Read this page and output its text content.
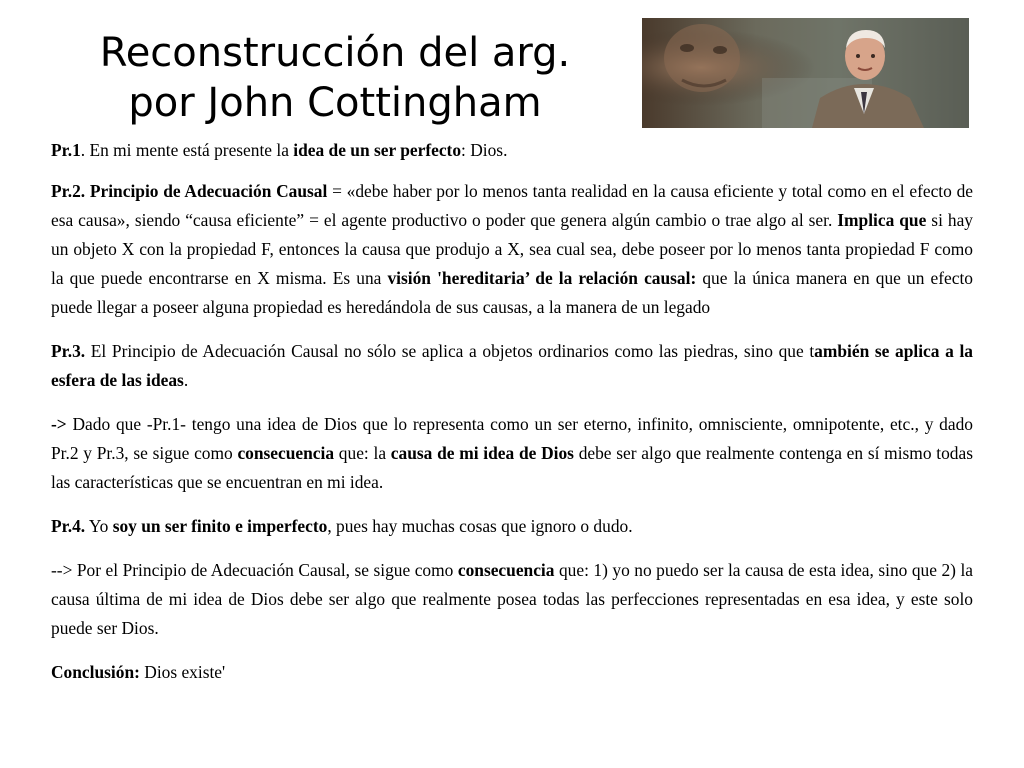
Reconstrucción del arg.
por John Cottingham

Pr.1. En mi mente está presente la idea de un ser perfecto: Dios.

Pr.2. Principio de Adecuación Causal = «debe haber por lo menos tanta realidad en la causa eficiente y total como en el efecto de esa causa», siendo “causa eficiente” = el agente productivo o poder que genera algún cambio o trae algo al ser. Implica que si hay un objeto X con la propiedad F, entonces la causa que produjo a X, sea cual sea, debe poseer por lo menos tanta propiedad F como la que puede encontrarse en X misma. Es una visión 'hereditaria’ de la relación causal: que la única manera en que un efecto puede llegar a poseer alguna propiedad es heredándola de sus causas, a la manera de un legado

Pr.3. El Principio de Adecuación Causal no sólo se aplica a objetos ordinarios como las piedras, sino que también se aplica a la esfera de las ideas.

-> Dado que -Pr.1- tengo una idea de Dios que lo representa como un ser eterno, infinito, omnisciente, omnipotente, etc., y dado Pr.2 y Pr.3, se sigue como consecuencia que: la causa de mi idea de Dios debe ser algo que realmente contenga en sí mismo todas las características que se encuentran en mi idea.

Pr.4. Yo soy un ser finito e imperfecto, pues hay muchas cosas que ignoro o dudo.

--> Por el Principio de Adecuación Causal, se sigue como consecuencia que: 1) yo no puedo ser la causa de esta idea, sino que 2) la causa última de mi idea de Dios debe ser algo que realmente posea todas las perfecciones representadas en esa idea, y este solo puede ser Dios.

Conclusión: Dios existe'
